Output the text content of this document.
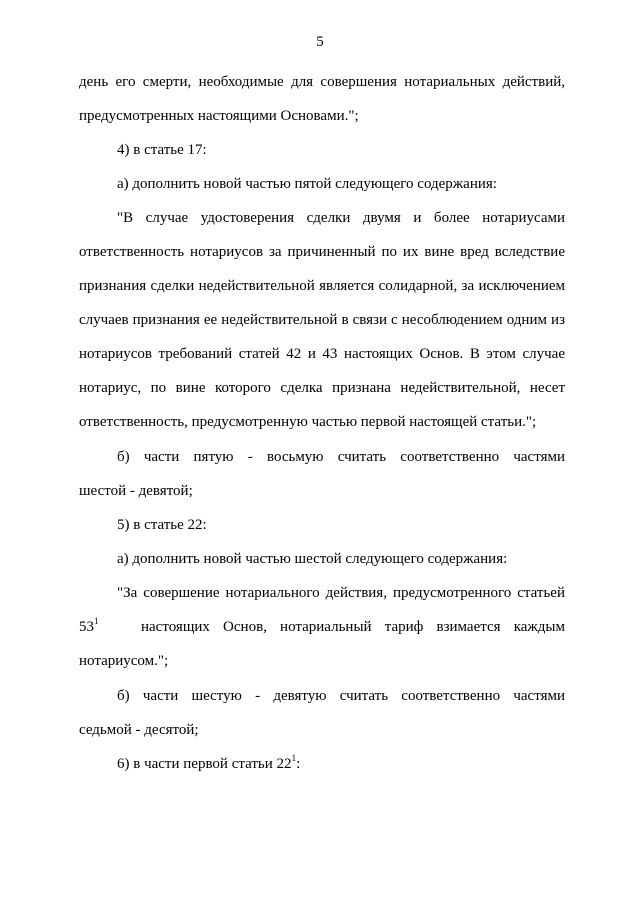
5
день его смерти, необходимые для совершения нотариальных действий,
предусмотренных настоящими Основами.";
4) в статье 17:
а) дополнить новой частью пятой следующего содержания:
"В случае удостоверения сделки двумя и более нотариусами
ответственность нотариусов за причиненный по их вине вред вследствие
признания сделки недействительной является солидарной, за исключением
случаев признания ее недействительной в связи с несоблюдением одним из
нотариусов требований статей 42 и 43 настоящих Основ. В этом случае
нотариус, по вине которого сделка признана недействительной, несет
ответственность, предусмотренную частью первой настоящей статьи.";
б) части пятую - восьмую считать соответственно частями
шестой - девятой;
5) в статье 22:
а) дополнить новой частью шестой следующего содержания:
"За совершение нотариального действия, предусмотренного статьей
$53^1$	настоящих Основ, нотариальный тариф взимается каждым
нотариусом.";
б) части шестую - девятую считать соответственно частями
седьмой - десятой;
6) в части первой статьи $22^1$:
